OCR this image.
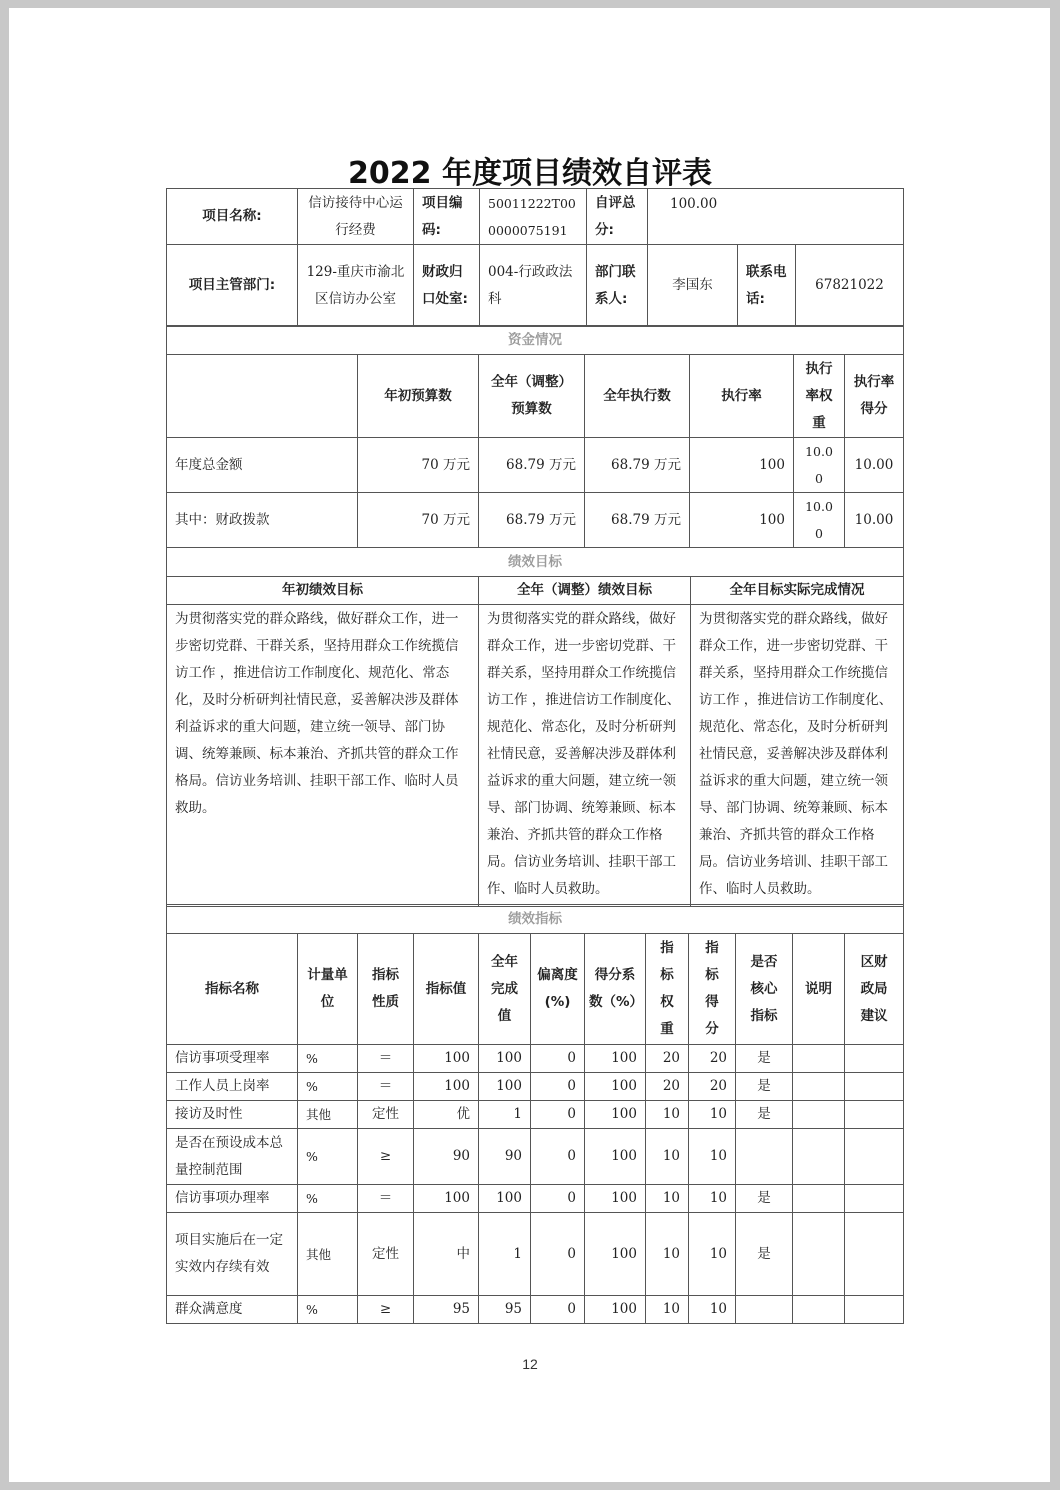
2022 年度项目绩效自评表
项目名称:	信访接待中心运行经费	项目编码:	50011222T000000075191	自评总分:	100.00		
项目主管部门:	129-重庆市渝北区信访办公室	财政归口处室:	004-行政政法科	部门联系人:	李国东	联系电话:	67821022
资金情况						
	年初预算数	全年（调整）预算数	全年执行数	执行率	执行率权重	执行率得分
年度总金额	70 万元	68.79 万元	68.79 万元	100	10.00	10.00
其中：财政拨款	70 万元	68.79 万元	68.79 万元	100	10.00	10.00
绩效目标		
年初绩效目标	全年（调整）绩效目标	全年目标实际完成情况
为贯彻落实党的群众路线，做好群众工作，进一步密切党群、干群关系，坚持用群众工作统揽信访工作 ，推进信访工作制度化、规范化、常态化，及时分析研判社情民意，妥善解决涉及群体利益诉求的重大问题，建立统一领导、部门协调、统筹兼顾、标本兼治、齐抓共管的群众工作格局。信访业务培训、挂职干部工作、临时人员救助。	为贯彻落实党的群众路线，做好群众工作，进一步密切党群、干群关系，坚持用群众工作统揽信访工作 ，推进信访工作制度化、规范化、常态化，及时分析研判社情民意，妥善解决涉及群体利益诉求的重大问题，建立统一领导、部门协调、统筹兼顾、标本兼治、齐抓共管的群众工作格局。信访业务培训、挂职干部工作、临时人员救助。	为贯彻落实党的群众路线，做好群众工作，进一步密切党群、干群关系，坚持用群众工作统揽信访工作 ，推进信访工作制度化、规范化、常态化，及时分析研判社情民意，妥善解决涉及群体利益诉求的重大问题，建立统一领导、部门协调、统筹兼顾、标本兼治、齐抓共管的群众工作格局。信访业务培训、挂职干部工作、临时人员救助。
绩效指标											
指标名称	计量单位	指标性质	指标值	全年完成值	偏离度(%)	得分系数（%）	指标权重	指标得分	是否核心指标	说明	区财政局建议
信访事项受理率	%	＝	100	100	0	100	20	20	是		
工作人员上岗率	%	＝	100	100	0	100	20	20	是		
接访及时性	其他	定性	优	1	0	100	10	10	是		
是否在预设成本总量控制范围	%	≥	90	90	0	100	10	10			
信访事项办理率	%	＝	100	100	0	100	10	10	是		
项目实施后在一定实效内存续有效	其他	定性	中	1	0	100	10	10	是		
群众满意度	%	≥	95	95	0	100	10	10			
12
